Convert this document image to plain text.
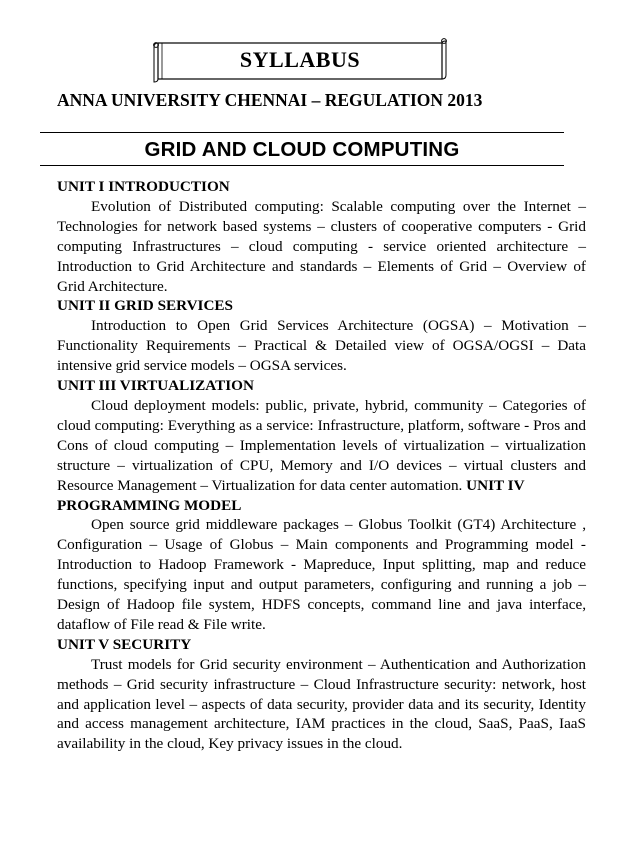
SYLLABUS
ANNA UNIVERSITY CHENNAI – REGULATION 2013
GRID AND CLOUD COMPUTING
UNIT I INTRODUCTION
Evolution of Distributed computing: Scalable computing over the Internet – Technologies for network based systems – clusters of cooperative computers - Grid computing Infrastructures – cloud computing - service oriented architecture – Introduction to Grid Architecture and standards – Elements of Grid – Overview of Grid Architecture.
UNIT II GRID SERVICES
Introduction to Open Grid Services Architecture (OGSA) – Motivation – Functionality Requirements – Practical & Detailed view of OGSA/OGSI – Data intensive grid service models – OGSA services.
UNIT III VIRTUALIZATION
Cloud deployment models: public, private, hybrid, community – Categories of cloud computing: Everything as a service: Infrastructure, platform, software - Pros and Cons of cloud computing – Implementation levels of virtualization – virtualization structure – virtualization of CPU, Memory and I/O devices – virtual clusters and Resource Management – Virtualization for data center automation. UNIT IV
PROGRAMMING MODEL
Open source grid middleware packages – Globus Toolkit (GT4) Architecture , Configuration – Usage of Globus – Main components and Programming model - Introduction to Hadoop Framework - Mapreduce, Input splitting, map and reduce functions, specifying input and output parameters, configuring and running a job – Design of Hadoop file system, HDFS concepts, command line and java interface, dataflow of File read & File write.
UNIT V SECURITY
Trust models for Grid security environment – Authentication and Authorization methods – Grid security infrastructure – Cloud Infrastructure security: network, host and application level – aspects of data security, provider data and its security, Identity and access management architecture, IAM practices in the cloud, SaaS, PaaS, IaaS availability in the cloud, Key privacy issues in the cloud.
